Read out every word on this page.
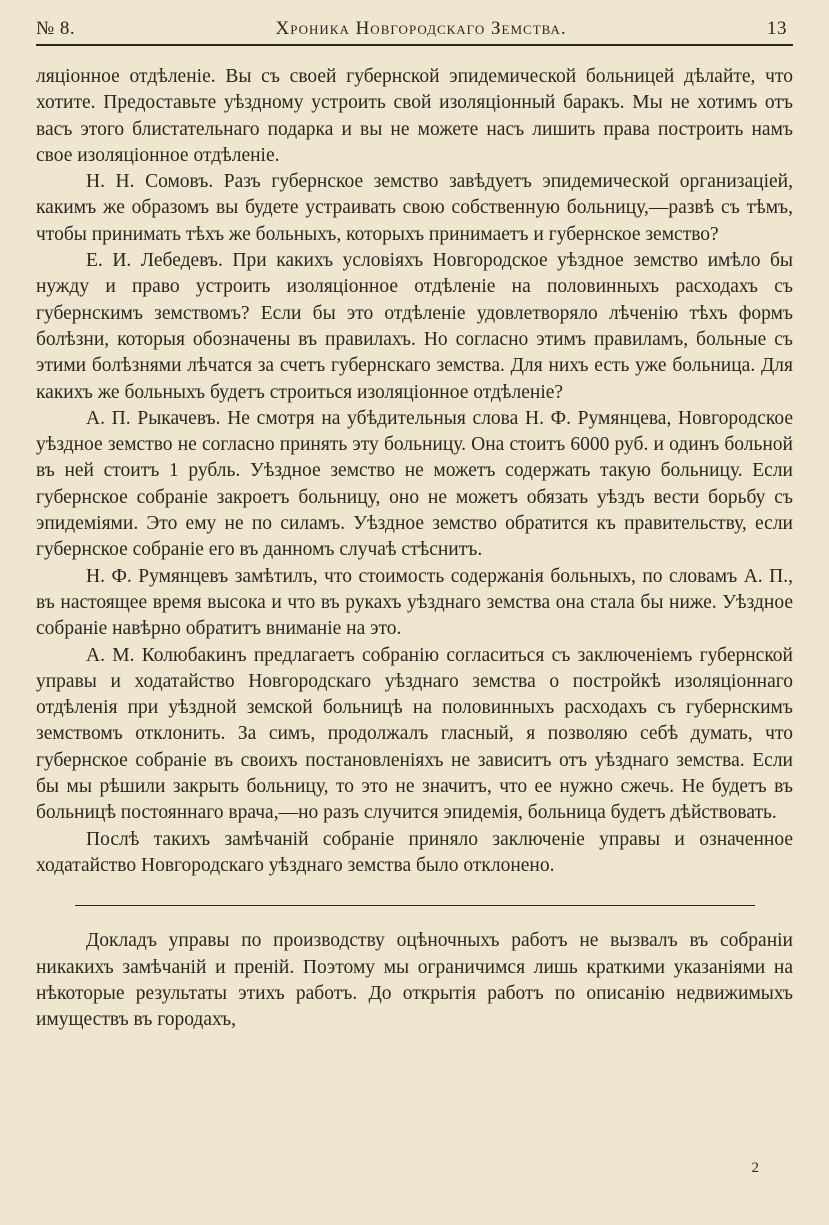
№ 8.	Хроника Новгородскаго Земства.	13

ляціонное отдѣленіе. Вы съ своей губернской эпидемической больницей дѣлайте, что хотите. Предоставьте уѣздному устроить свой изоляціонный баракъ. Мы не хотимъ отъ васъ этого блистательнаго подарка и вы не можете насъ лишить права построить намъ свое изоляціонное отдѣленіе.

Н. Н. Сомовъ. Разъ губернское земство завѣдуетъ эпидемической организаціей, какимъ же образомъ вы будете устраивать свою собственную больницу,—развѣ съ тѣмъ, чтобы принимать тѣхъ же больныхъ, которыхъ принимаетъ и губернское земство?

Е. И. Лебедевъ. При какихъ условіяхъ Новгородское уѣздное земство имѣло бы нужду и право устроить изоляціонное отдѣленіе на половинныхъ расходахъ съ губернскимъ земствомъ? Если бы это отдѣленіе удовлетворяло лѣченію тѣхъ формъ болѣзни, которыя обозначены въ правилахъ. Но согласно этимъ правиламъ, больные съ этими болѣзнями лѣчатся за счетъ губернскаго земства. Для нихъ есть уже больница. Для какихъ же больныхъ будетъ строиться изоляціонное отдѣленіе?

А. П. Рыкачевъ. Не смотря на убѣдительныя слова Н. Ф. Румянцева, Новгородское уѣздное земство не согласно принять эту больницу. Она стоитъ 6000 руб. и одинъ больной въ ней стоитъ 1 рубль. Уѣздное земство не можетъ содержать такую больницу. Если губернское собраніе закроетъ больницу, оно не можетъ обязать уѣздъ вести борьбу съ эпидеміями. Это ему не по силамъ. Уѣздное земство обратится къ правительству, если губернское собраніе его въ данномъ случаѣ стѣснитъ.

Н. Ф. Румянцевъ замѣтилъ, что стоимость содержанія больныхъ, по словамъ А. П., въ настоящее время высока и что въ рукахъ уѣзднаго земства она стала бы ниже. Уѣздное собраніе навѣрно обратитъ вниманіе на это.

А. М. Колюбакинъ предлагаетъ собранію согласиться съ заключеніемъ губернской управы и ходатайство Новгородскаго уѣзднаго земства о постройкѣ изоляціоннаго отдѣленія при уѣздной земской больницѣ на половинныхъ расходахъ съ губернскимъ земствомъ отклонить. За симъ, продолжалъ гласный, я позволяю себѣ думать, что губернское собраніе въ своихъ постановленіяхъ не зависитъ отъ уѣзднаго земства. Если бы мы рѣшили закрыть больницу, то это не значитъ, что ее нужно сжечь. Не будетъ въ больницѣ постояннаго врача,—но разъ случится эпидемія, больница будетъ дѣйствовать.

Послѣ такихъ замѣчаній собраніе приняло заключеніе управы и означенное ходатайство Новгородскаго уѣзднаго земства было отклонено.

Докладъ управы по производству оцѣночныхъ работъ не вызвалъ въ собраніи никакихъ замѣчаній и преній. Поэтому мы ограничимся лишь краткими указаніями на нѣкоторые результаты этихъ работъ. До открытія работъ по описанію недвижимыхъ имуществъ въ городахъ,

2
